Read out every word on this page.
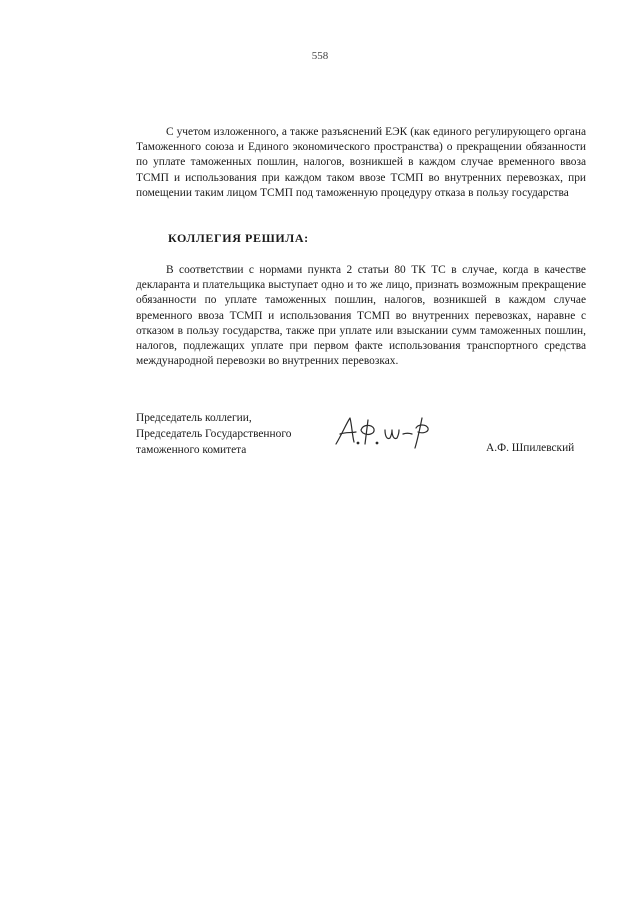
558

С учетом изложенного, а также разъяснений ЕЭК (как единого регулирующего органа Таможенного союза и Единого экономического пространства) о прекращении обязанности по уплате таможенных пошлин, налогов, возникшей в каждом случае временного ввоза ТСМП и использования при каждом таком ввозе ТСМП во внутренних перевозках, при помещении таким лицом ТСМП под таможенную процедуру отказа в пользу государства

КОЛЛЕГИЯ РЕШИЛА:

В соответствии с нормами пункта 2 статьи 80 ТК ТС в случае, когда в качестве декларанта и плательщика выступает одно и то же лицо, признать возможным прекращение обязанности по уплате таможенных пошлин, налогов, возникшей в каждом случае временного ввоза ТСМП и использования ТСМП во внутренних перевозках, наравне с отказом в пользу государства, также при уплате или взыскании сумм таможенных пошлин, налогов, подлежащих уплате при первом факте использования транспортного средства международной перевозки во внутренних перевозках.

Председатель коллегии,
Председатель Государственного
таможенного комитета	А.Ф. Шпилевский
